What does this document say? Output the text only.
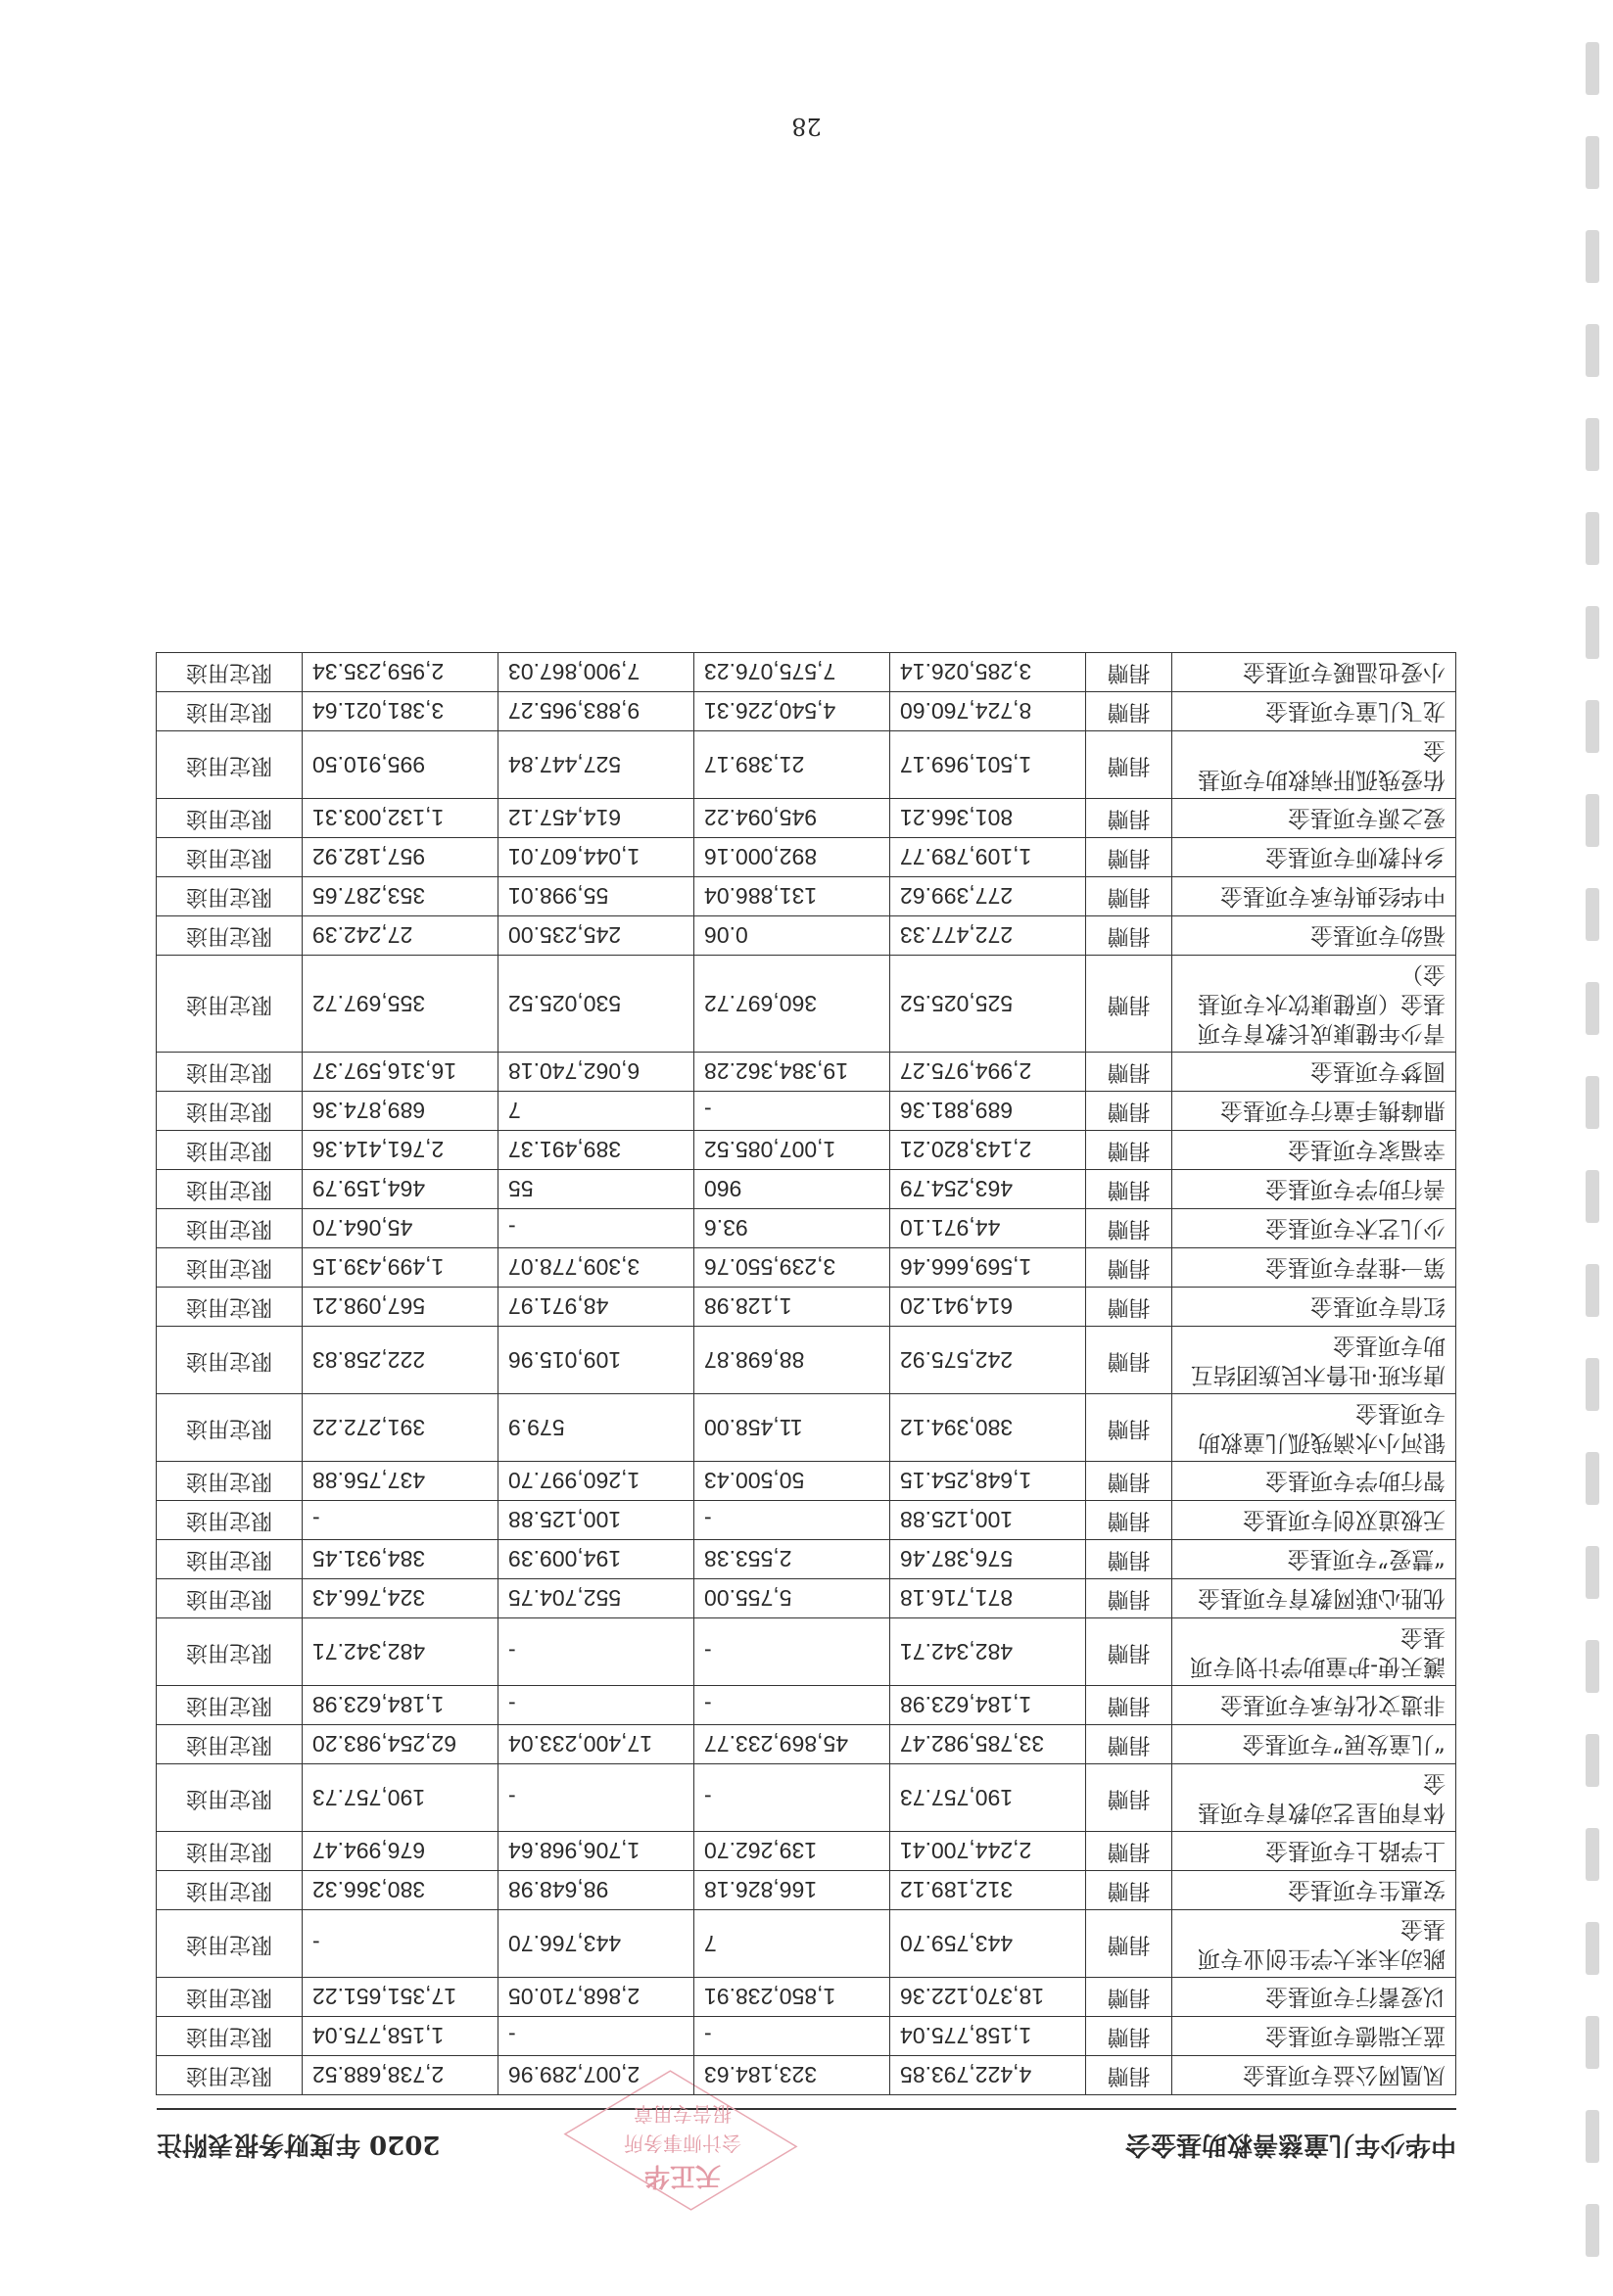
中华少年儿童慈善救助基金会
2020 年度财务报表附注
天正华
会计师事务所
报告专用章
凤凰网公益专项基金	捐赠	4,422,793.85	323,184.63	2,007,289.96	2,738,688.52	限定用途
蓝天瑞德专项基金	捐赠	1,158,775.04	-	-	1,158,775.04	限定用途
以爱蓄行专项基金	捐赠	18,370,122.36	1,850,238.91	2,868,710.05	17,351,651.22	限定用途
跳动未来大学生创业专项基金	捐赠	443,759.70	7	443,766.70	-	限定用途
安惠生专项基金	捐赠	312,189.12	166,826.18	98,648.98	380,366.32	限定用途
上学路上专项基金	捐赠	2,244,700.41	139,262.70	1,706,968.64	676,994.47	限定用途
体育明星艺动教育专项基金	捐赠	190,757.73	-	-	190,757.73	限定用途
“儿童发展”专项基金	捐赠	33,785,982.47	45,869,233.77	17,400,233.04	62,254,983.20	限定用途
非遗文化传承专项基金	捐赠	1,184,623.98	-	-	1,184,623.98	限定用途
護天使-护童助学计划专项基金	捐赠	482,342.71	-	-	482,342.71	限定用途
优胜心联网教育专项基金	捐赠	871,716.18	5,755.00	552,704.75	324,766.43	限定用途
“慧爱”专项基金	捐赠	576,387.46	2,553.38	194,009.39	384,931.45	限定用途
无极道双创专项基金	捐赠	100,125.88	-	100,125.88	-	限定用途
智行助学专项基金	捐赠	1,648,254.15	50,500.43	1,260,997.70	437,756.88	限定用途
银河小水滴残孤儿童救助专项基金	捐赠	380,394.12	11,458.00	579.9	391,272.22	限定用途
唐东班·吐鲁木民族团结互助专项基金	捐赠	242,575.92	88,698.87	109,015.96	222,258.83	限定用途
红信专项基金	捐赠	614,941.20	1,128.98	48,971.97	567,098.21	限定用途
第一推荐专项基金	捐赠	1,569,666.46	3,239,550.76	3,309,778.07	1,499,439.15	限定用途
少儿艺术专项基金	捐赠	44,971.10	93.6	-	45,064.70	限定用途
善行助学专项基金	捐赠	463,254.79	960	55	464,159.79	限定用途
幸福家专项基金	捐赠	2,143,820.21	1,007,085.52	389,491.37	2,761,414.36	限定用途
鼎峰携手童行专项基金	捐赠	689,881.36	-	7	689,874.36	限定用途
圆梦专项基金	捐赠	2,994,975.27	19,384,362.28	6,062,740.18	16,316,597.37	限定用途
青少年健康成长教育专项基金（原健康饮水专项基金）	捐赠	525,025.52	360,697.72	530,025.52	355,697.72	限定用途
福幼专项基金	捐赠	272,477.33	0.06	245,235.00	27,242.39	限定用途
中华经典传承专项基金	捐赠	277,399.62	131,886.04	55,998.01	353,287.65	限定用途
乡村教师专项基金	捐赠	1,109,789.77	892,000.16	1,044,607.01	957,182.92	限定用途
爱之源专项基金	捐赠	801,366.21	945,094.22	614,457.12	1,132,003.31	限定用途
佑爱残孤肝病救助专项基金	捐赠	1,501,969.17	21,389.17	527,447.84	995,910.50	限定用途
龙飞儿童专项基金	捐赠	8,724,760.60	4,540,226.31	9,883,965.27	3,381,021.64	限定用途
小爱也温暖专项基金	捐赠	3,285,026.14	7,575,076.23	7,900,867.03	2,959,235.34	限定用途
28
